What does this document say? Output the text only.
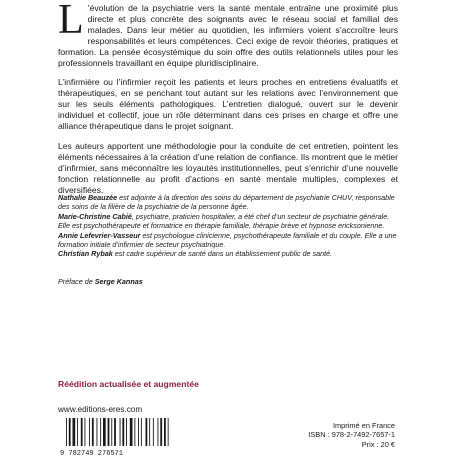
L ’évolution de la psychiatrie vers la santé mentale entraîne une proximité plus directe et plus concrète des soignants avec le réseau social et familial des malades. Dans leur métier au quotidien, les infirmiers voient s’accroître leurs responsabilités et leurs compétences. Ceci exige de revoir théories, pratiques et formation. La pensée écosystémique du soin offre des outils relationnels utiles pour les professionnels travaillant en équipe pluridisciplinaire.

L’infirmière ou l’infirmier reçoit les patients et leurs proches en entretiens évaluatifs et thérapeutiques, en se penchant tout autant sur les relations avec l’environnement que sur les seuls éléments pathologiques. L’entretien dialogué, ouvert sur le devenir individuel et collectif, joue un rôle déterminant dans ces prises en charge et offre une alliance thérapeutique dans le projet soignant.

Les auteurs apportent une méthodologie pour la conduite de cet entretien, pointent les éléments nécessaires à la création d’une relation de confiance. Ils montrent que le métier d’infirmier, sans méconnaître les loyautés institutionnelles, peut s’enrichir d’une nouvelle fonction relationnelle au profit d’actions en santé mentale multiples, complexes et diversifiées.

Nathalie Beauzée est adjointe à la direction des soins du département de psychiatrie CHUV, responsable des soins de la filière de la psychiatrie de la personne âgée.

Marie-Christine Cabié, psychiatre, praticien hospitalier, a été chef d’un secteur de psychiatrie générale. Elle est psychothérapeute et formatrice en thérapie familiale, thérapie brève et hypnose ericksonienne.

Annie Lefevrier-Vasseur est psychologue clinicienne, psychothérapeute familiale et du couple. Elle a une formation initiale d’infirmier de secteur psychiatrique.

Christian Rybak est cadre supérieur de santé dans un établissement public de santé.

Préface de Serge Kannas
Réédition actualisée et augmentée
www.editions-eres.com
9 782749 276571
Imprimé en France
ISBN : 978-2-7492-7657-1
Prix : 20 €
